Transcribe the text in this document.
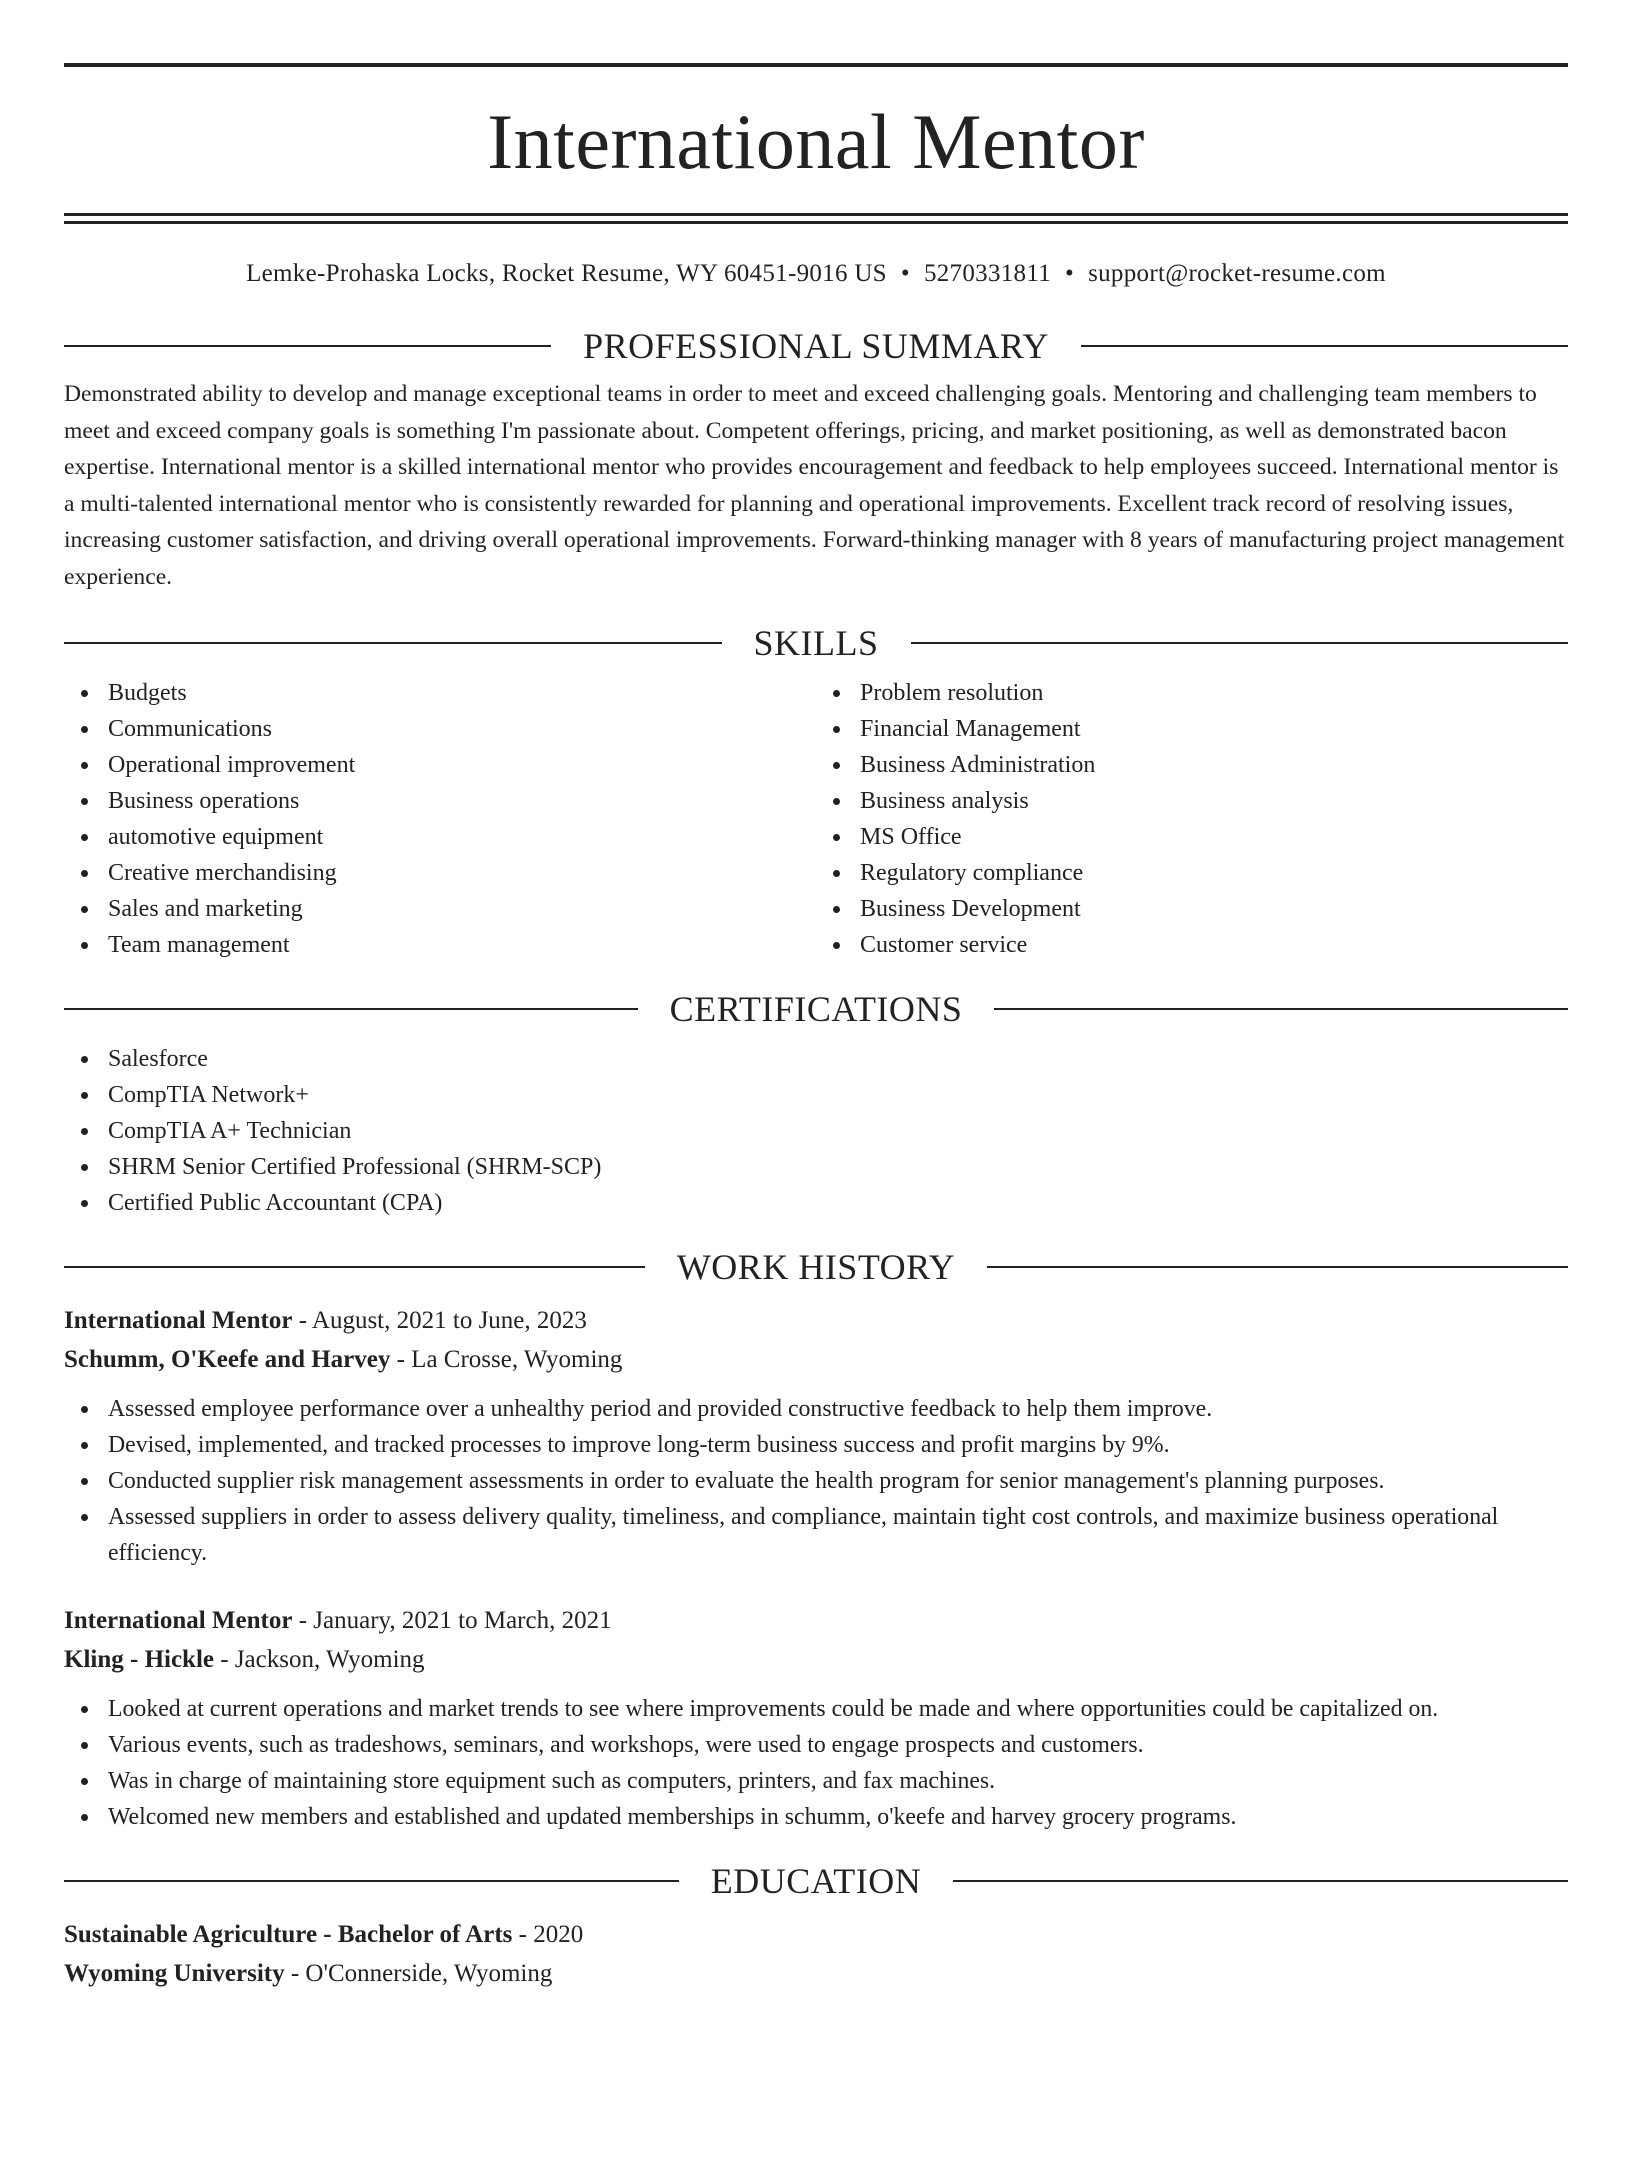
International Mentor
Lemke-Prohaska Locks, Rocket Resume, WY 60451-9016 US • 5270331811 • support@rocket-resume.com
PROFESSIONAL SUMMARY

Demonstrated ability to develop and manage exceptional teams in order to meet and exceed challenging goals. Mentoring and challenging team members to meet and exceed company goals is something I'm passionate about. Competent offerings, pricing, and market positioning, as well as demonstrated bacon expertise. International mentor is a skilled international mentor who provides encouragement and feedback to help employees succeed. International mentor is a multi-talented international mentor who is consistently rewarded for planning and operational improvements. Excellent track record of resolving issues, increasing customer satisfaction, and driving overall operational improvements. Forward-thinking manager with 8 years of manufacturing project management experience.

SKILLS
Budgets
Communications
Operational improvement
Business operations
automotive equipment
Creative merchandising
Sales and marketing
Team management
Problem resolution
Financial Management
Business Administration
Business analysis
MS Office
Regulatory compliance
Business Development
Customer service
CERTIFICATIONS
Salesforce
CompTIA Network+
CompTIA A+ Technician
SHRM Senior Certified Professional (SHRM-SCP)
Certified Public Accountant (CPA)
WORK HISTORY
International Mentor - August, 2021 to June, 2023
Schumm, O'Keefe and Harvey - La Crosse, Wyoming
Assessed employee performance over a unhealthy period and provided constructive feedback to help them improve.
Devised, implemented, and tracked processes to improve long-term business success and profit margins by 9%.
Conducted supplier risk management assessments in order to evaluate the health program for senior management's planning purposes.
Assessed suppliers in order to assess delivery quality, timeliness, and compliance, maintain tight cost controls, and maximize business operational efficiency.
International Mentor - January, 2021 to March, 2021
Kling - Hickle - Jackson, Wyoming
Looked at current operations and market trends to see where improvements could be made and where opportunities could be capitalized on.
Various events, such as tradeshows, seminars, and workshops, were used to engage prospects and customers.
Was in charge of maintaining store equipment such as computers, printers, and fax machines.
Welcomed new members and established and updated memberships in schumm, o'keefe and harvey grocery programs.
EDUCATION
Sustainable Agriculture - Bachelor of Arts - 2020
Wyoming University - O'Connerside, Wyoming
